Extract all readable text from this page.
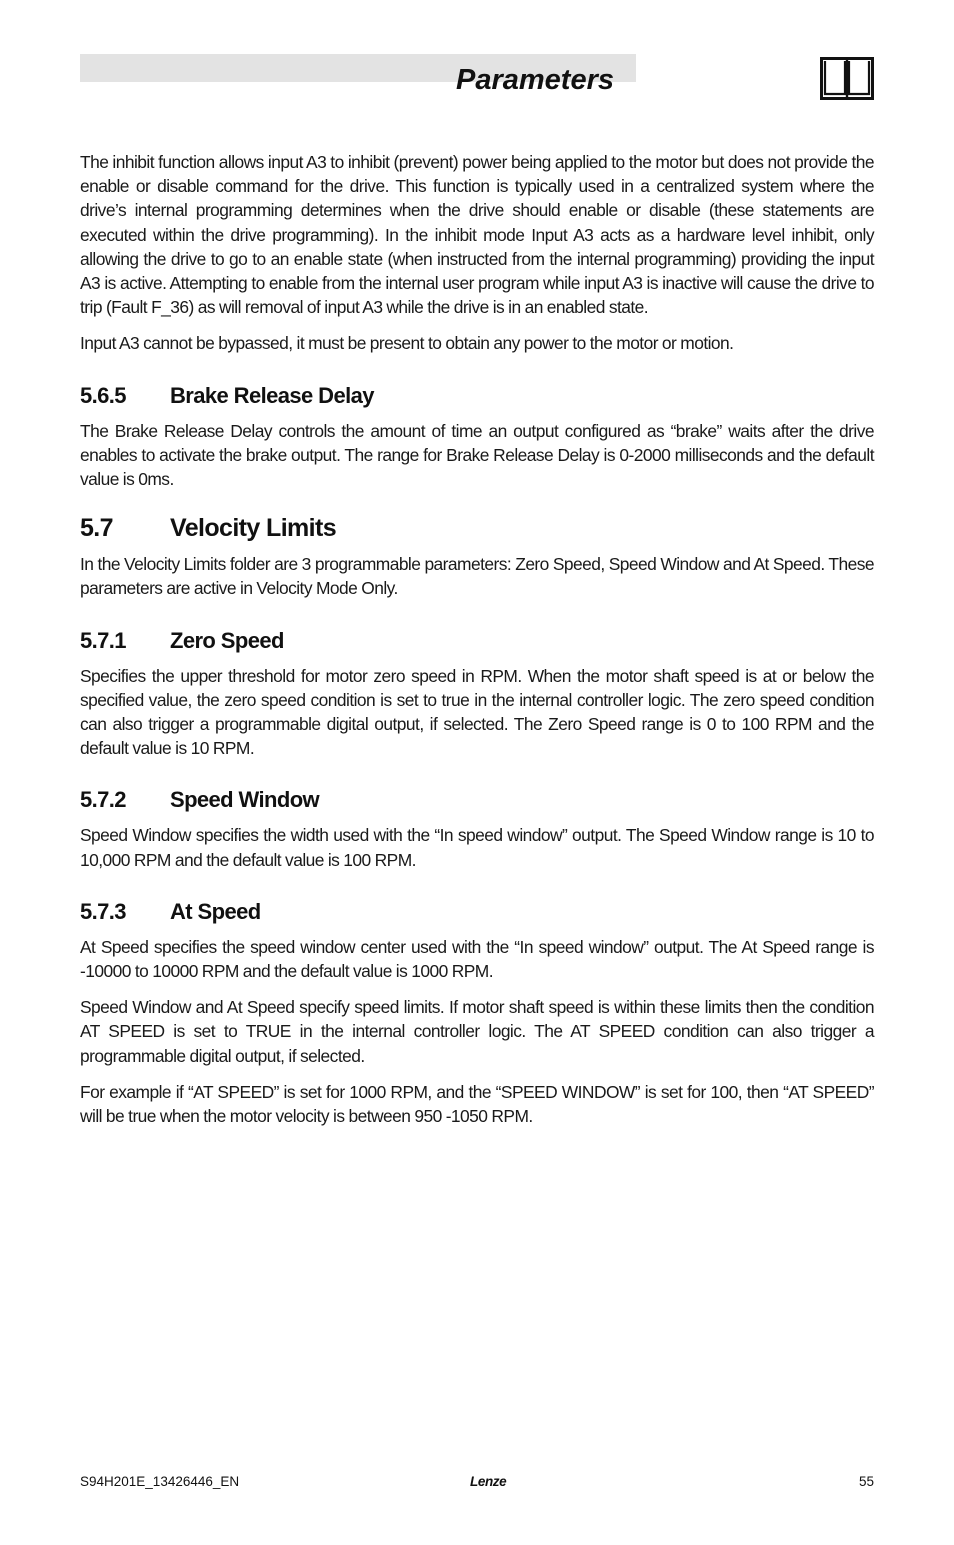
Parameters

The inhibit function allows input A3 to inhibit (prevent) power being applied to the motor but does not provide the enable or disable command for the drive. This function is typically used in a centralized system where the drive’s internal programming determines when the drive should enable or disable (these statements are executed within the drive programming). In the inhibit mode Input A3 acts as a hardware level inhibit, only allowing the drive to go to an enable state (when instructed from the internal programming) providing the input A3 is active. Attempting to enable from the internal user program while input A3 is inactive will cause the drive to trip (Fault F_36) as will removal of input A3 while the drive is in an enabled state.

Input A3 cannot be bypassed, it must be present to obtain any power to the motor or motion.

5.6.5 Brake Release Delay

The Brake Release Delay controls the amount of time an output configured as “brake” waits after the drive enables to activate the brake output. The range for Brake Release Delay is 0-2000 milliseconds and the default value is 0ms.

5.7 Velocity Limits

In the Velocity Limits folder are 3 programmable parameters: Zero Speed, Speed Window and At Speed. These parameters are active in Velocity Mode Only.

5.7.1 Zero Speed

Specifies the upper threshold for motor zero speed in RPM. When the motor shaft speed is at or below the specified value, the zero speed condition is set to true in the internal controller logic. The zero speed condition can also trigger a programmable digital output, if selected. The Zero Speed range is 0 to 100 RPM and the default value is 10 RPM.

5.7.2 Speed Window

Speed Window specifies the width used with the “In speed window” output. The Speed Window range is 10 to 10,000 RPM and the default value is 100 RPM.

5.7.3 At Speed

At Speed specifies the speed window center used with the “In speed window” output. The At Speed range is -10000 to 10000 RPM and the default value is 1000 RPM.

Speed Window and At Speed specify speed limits. If motor shaft speed is within these limits then the condition AT SPEED is set to TRUE in the internal controller logic. The AT SPEED condition can also trigger a programmable digital output, if selected.

For example if “AT SPEED” is set for 1000 RPM, and the “SPEED WINDOW” is set for 100, then “AT SPEED” will be true when the motor velocity is between 950 -1050 RPM.

S94H201E_13426446_EN	Lenze	55
